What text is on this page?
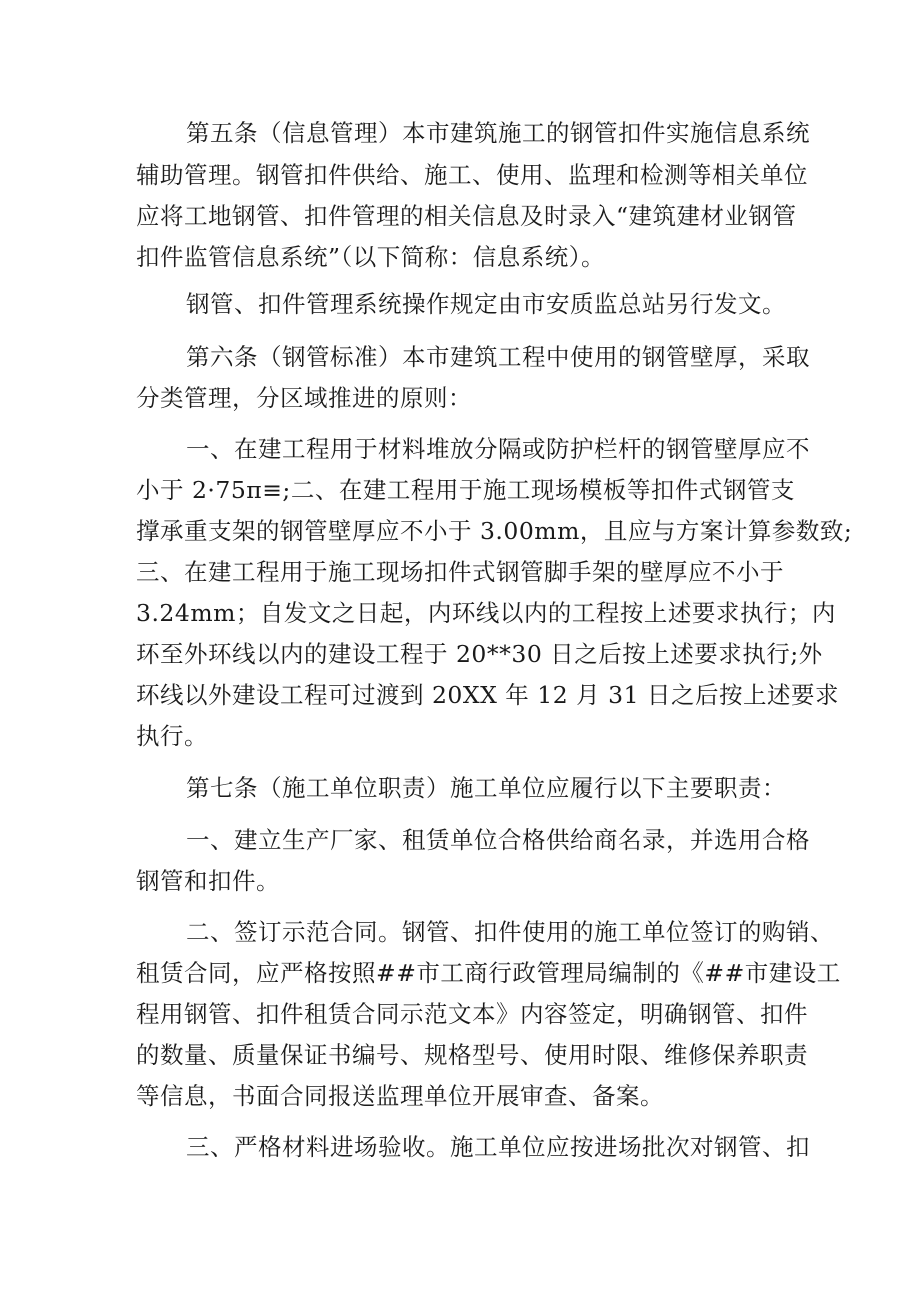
第五条（信息管理）本市建筑施工的钢管扣件实施信息系统
辅助管理。钢管扣件供给、施工、使用、监理和检测等相关单位
应将工地钢管、扣件管理的相关信息及时录入“建筑建材业钢管
扣件监管信息系统”（以下简称：信息系统）。
钢管、扣件管理系统操作规定由市安质监总站另行发文。
第六条（钢管标准）本市建筑工程中使用的钢管壁厚，采取
分类管理，分区域推进的原则：
一、在建工程用于材料堆放分隔或防护栏杆的钢管壁厚应不
小于 2·75π≡;二、在建工程用于施工现场模板等扣件式钢管支
撑承重支架的钢管壁厚应不小于 3.00mm，且应与方案计算参数致;
三、在建工程用于施工现场扣件式钢管脚手架的壁厚应不小于
3.24mm；自发文之日起，内环线以内的工程按上述要求执行；内
环至外环线以内的建设工程于 20**30 日之后按上述要求执行;外
环线以外建设工程可过渡到 20XX 年 12 月 31 日之后按上述要求
执行。
第七条（施工单位职责）施工单位应履行以下主要职责：
一、建立生产厂家、租赁单位合格供给商名录，并选用合格
钢管和扣件。
二、签订示范合同。钢管、扣件使用的施工单位签订的购销、
租赁合同，应严格按照##市工商行政管理局编制的《##市建设工
程用钢管、扣件租赁合同示范文本》内容签定，明确钢管、扣件
的数量、质量保证书编号、规格型号、使用时限、维修保养职责
等信息，书面合同报送监理单位开展审查、备案。
三、严格材料进场验收。施工单位应按进场批次对钢管、扣
